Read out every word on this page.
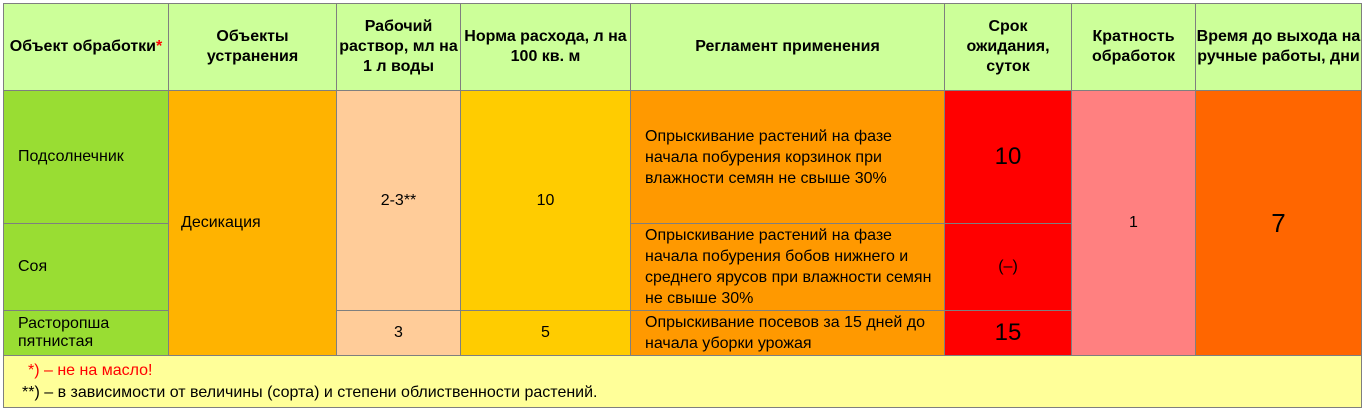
Объект обработки*	Объекты устранения	Рабочий раствор, мл на 1 л воды	Норма расхода, л на 100 кв. м	Регламент применения	Срок ожидания, суток	Кратность обработок	Время до выхода на ручные работы, дни
Подсолнечник	Десикация	2-3**	10	Опрыскивание растений на фазе начала побурения корзинок при влажности семян не свыше 30%	10	1	7
Соя				Опрыскивание растений на фазе начала побурения бобов нижнего и среднего ярусов при влажности семян не свыше 30%	(–)		
Расторопша пятнистая		3	5	Опрыскивание посевов за 15 дней до начала уборки урожая	15		

*) – не на масло!
**) – в зависимости от величины (сорта) и степени облиственности растений.							
